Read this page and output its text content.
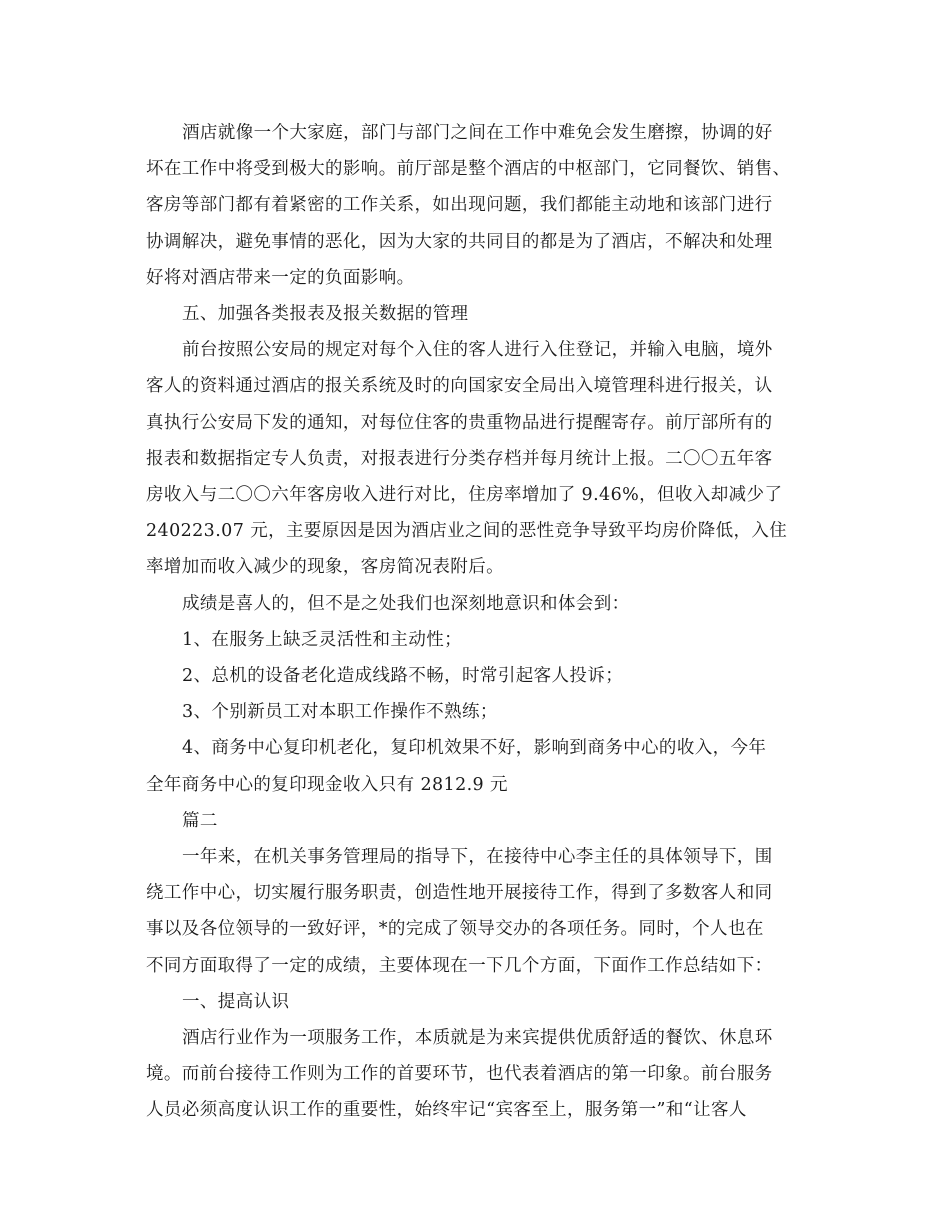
酒店就像一个大家庭，部门与部门之间在工作中难免会发生磨擦，协调的好
坏在工作中将受到极大的影响。前厅部是整个酒店的中枢部门，它同餐饮、销售、
客房等部门都有着紧密的工作关系，如出现问题，我们都能主动地和该部门进行
协调解决，避免事情的恶化，因为大家的共同目的都是为了酒店，不解决和处理
好将对酒店带来一定的负面影响。
五、加强各类报表及报关数据的管理
前台按照公安局的规定对每个入住的客人进行入住登记，并输入电脑，境外
客人的资料通过酒店的报关系统及时的向国家安全局出入境管理科进行报关，认
真执行公安局下发的通知，对每位住客的贵重物品进行提醒寄存。前厅部所有的
报表和数据指定专人负责，对报表进行分类存档并每月统计上报。二〇〇五年客
房收入与二〇〇六年客房收入进行对比，住房率增加了 9.46%，但收入却减少了
240223.07 元，主要原因是因为酒店业之间的恶性竞争导致平均房价降低，入住
率增加而收入减少的现象，客房简况表附后。
成绩是喜人的，但不是之处我们也深刻地意识和体会到：
1、在服务上缺乏灵活性和主动性；
2、总机的设备老化造成线路不畅，时常引起客人投诉；
3、个别新员工对本职工作操作不熟练；
4、商务中心复印机老化，复印机效果不好，影响到商务中心的收入，今年
全年商务中心的复印现金收入只有 2812.9 元
篇二
一年来，在机关事务管理局的指导下，在接待中心李主任的具体领导下，围
绕工作中心，切实履行服务职责，创造性地开展接待工作，得到了多数客人和同
事以及各位领导的一致好评，*的完成了领导交办的各项任务。同时，个人也在
不同方面取得了一定的成绩，主要体现在一下几个方面，下面作工作总结如下：
一、提高认识
酒店行业作为一项服务工作，本质就是为来宾提供优质舒适的餐饮、休息环
境。而前台接待工作则为工作的首要环节，也代表着酒店的第一印象。前台服务
人员必须高度认识工作的重要性，始终牢记“宾客至上，服务第一”和“让客人
